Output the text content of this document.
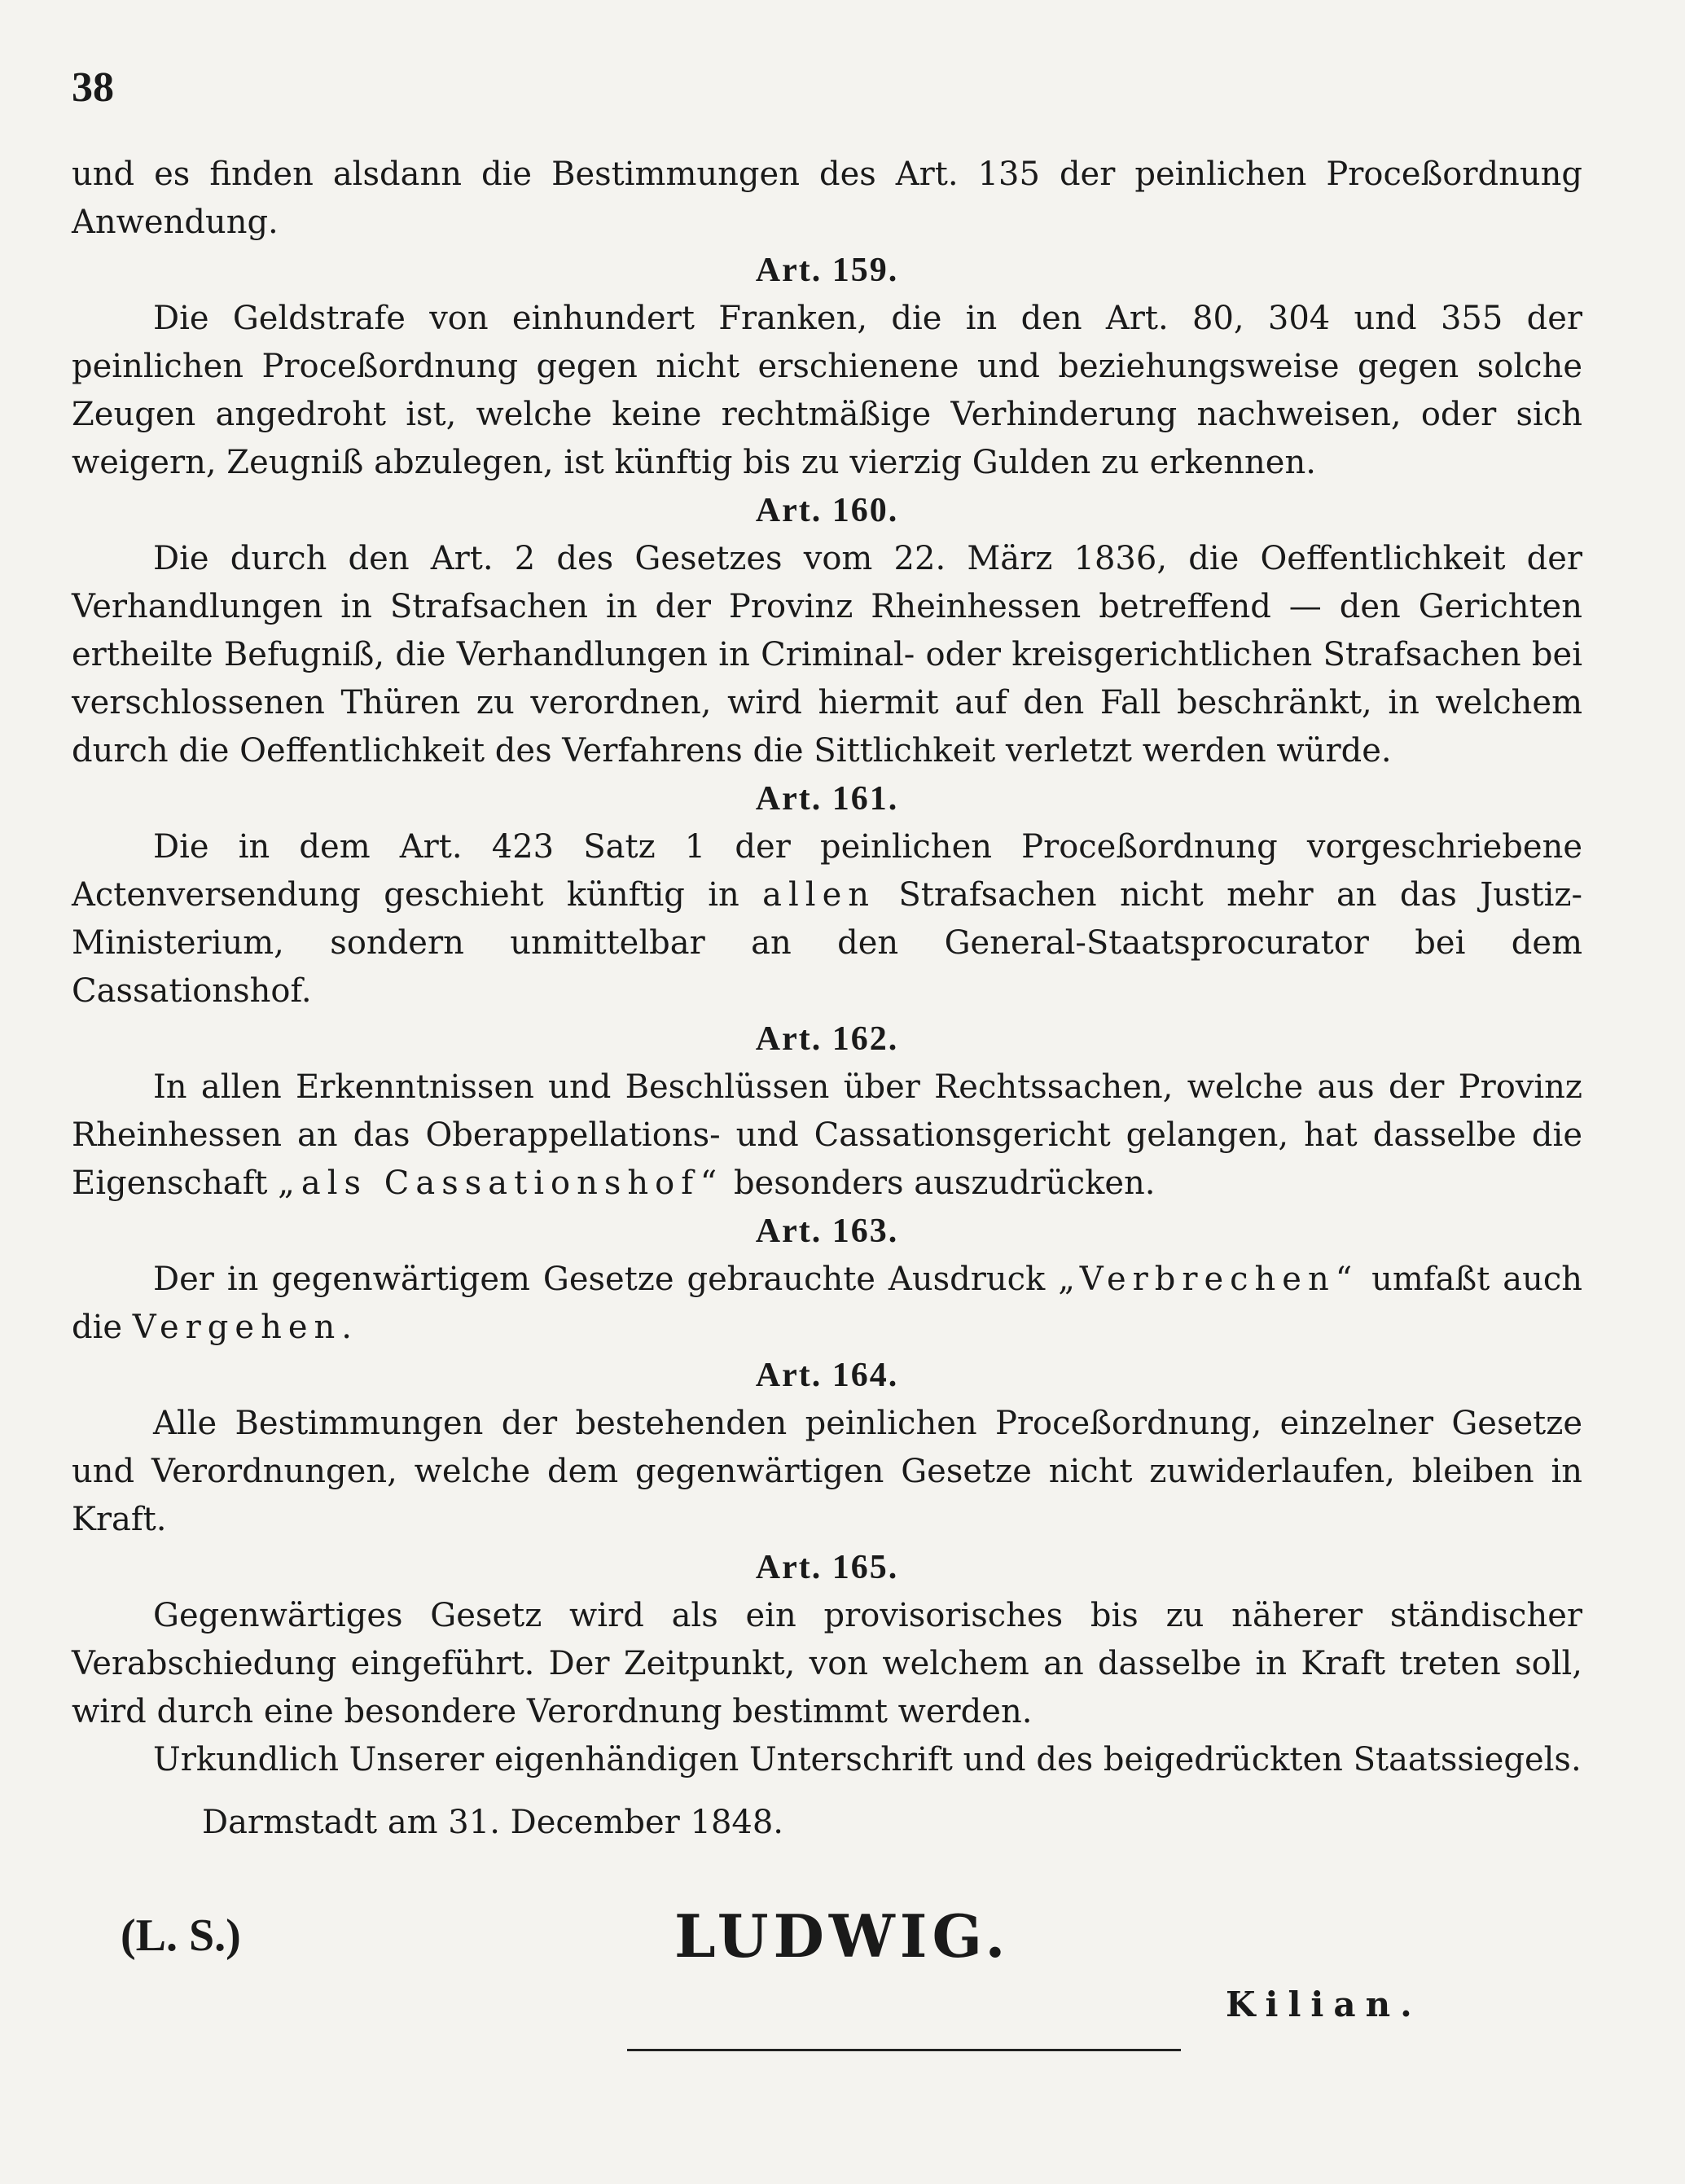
38

und es finden alsdann die Bestimmungen des Art. 135 der peinlichen Proceßordnung Anwendung.

Art. 159.

Die Geldstrafe von einhundert Franken, die in den Art. 80, 304 und 355 der peinlichen Proceßordnung gegen nicht erschienene und beziehungsweise gegen solche Zeugen angedroht ist, welche keine rechtmäßige Verhinderung nachweisen, oder sich weigern, Zeugniß abzulegen, ist künftig bis zu vierzig Gulden zu erkennen.

Art. 160.

Die durch den Art. 2 des Gesetzes vom 22. März 1836, die Oeffentlichkeit der Verhandlungen in Strafsachen in der Provinz Rheinhessen betreffend — den Gerichten ertheilte Befugniß, die Verhandlungen in Criminal- oder kreisgerichtlichen Strafsachen bei verschlossenen Thüren zu verordnen, wird hiermit auf den Fall beschränkt, in welchem durch die Oeffentlichkeit des Verfahrens die Sittlichkeit verletzt werden würde.

Art. 161.

Die in dem Art. 423 Satz 1 der peinlichen Proceßordnung vorgeschriebene Actenversendung geschieht künftig in allen Strafsachen nicht mehr an das Justiz-Ministerium, sondern unmittelbar an den General-Staatsprocurator bei dem Cassationshof.

Art. 162.

In allen Erkenntnissen und Beschlüssen über Rechtssachen, welche aus der Provinz Rheinhessen an das Oberappellations- und Cassationsgericht gelangen, hat dasselbe die Eigenschaft „als Cassationshof“ besonders auszudrücken.

Art. 163.

Der in gegenwärtigem Gesetze gebrauchte Ausdruck „Verbrechen“ umfaßt auch die Vergehen.

Art. 164.

Alle Bestimmungen der bestehenden peinlichen Proceßordnung, einzelner Gesetze und Verordnungen, welche dem gegenwärtigen Gesetze nicht zuwiderlaufen, bleiben in Kraft.

Art. 165.

Gegenwärtiges Gesetz wird als ein provisorisches bis zu näherer ständischer Verabschiedung eingeführt. Der Zeitpunkt, von welchem an dasselbe in Kraft treten soll, wird durch eine besondere Verordnung bestimmt werden.

Urkundlich Unserer eigenhändigen Unterschrift und des beigedrückten Staatssiegels.

Darmstadt am 31. December 1848.

(L. S.)	LUDWIG.
Kilian.
